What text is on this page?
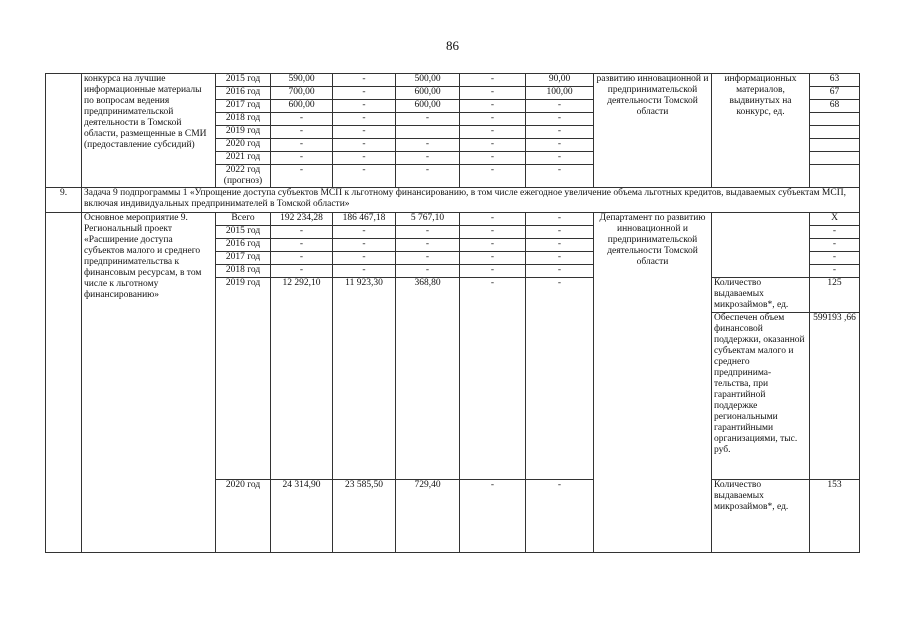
86
	конкурса на лучшие информационные материалы по вопросам ведения предпринимательской деятельности в Томской области, размещенные в СМИ (предоставление субсидий)	2015 год	590,00	-	500,00	-	90,00	развитию инновационной и предпринимательской деятельности Томской области	информационных материалов, выдвинутых на конкурс, ед.	63
		2016 год	700,00	-	600,00	-	100,00			67
		2017 год	600,00	-	600,00	-	-			68
		2018 год	-	-	-	-	-			
		2019 год	-	-		-	-			
		2020 год	-	-	-	-	-			
		2021 год	-	-	-	-	-			
		2022 год (прогноз)	-	-	-	-	-			
9.	Задача 9 подпрограммы 1 «Упрощение доступа субъектов МСП к льготному финансированию, в том числе ежегодное увеличение объема льготных кредитов, выдаваемых субъектам МСП, включая индивидуальных предпринимателей в Томской области»									
	Основное мероприятие 9. Региональный проект «Расширение доступа субъектов малого и среднего предпринимательства к финансовым ресурсам, в том числе к льготному финансированию»	Всего	192 234,28	186 467,18	5 767,10	-	-	Департамент по развитию инновационной и предпринимательской деятельности Томской области		X
		2015 год	-	-	-	-	-			-
		2016 год	-	-	-	-	-			-
		2017 год	-	-	-	-	-			-
		2018 год	-	-	-	-	-			-
		2019 год	12 292,10	11 923,30	368,80	-	-		Количество выдаваемых микрозаймов*, ед.	125
									Обеспечен объем финансовой поддержки, оказанной субъектам малого и среднего предпринима-тельства, при гарантийной поддержке региональными гарантийными организациями, тыс. руб.	599193 ,66
		2020 год	24 314,90	23 585,50	729,40	-	-		Количество выдаваемых микрозаймов*, ед.	153
